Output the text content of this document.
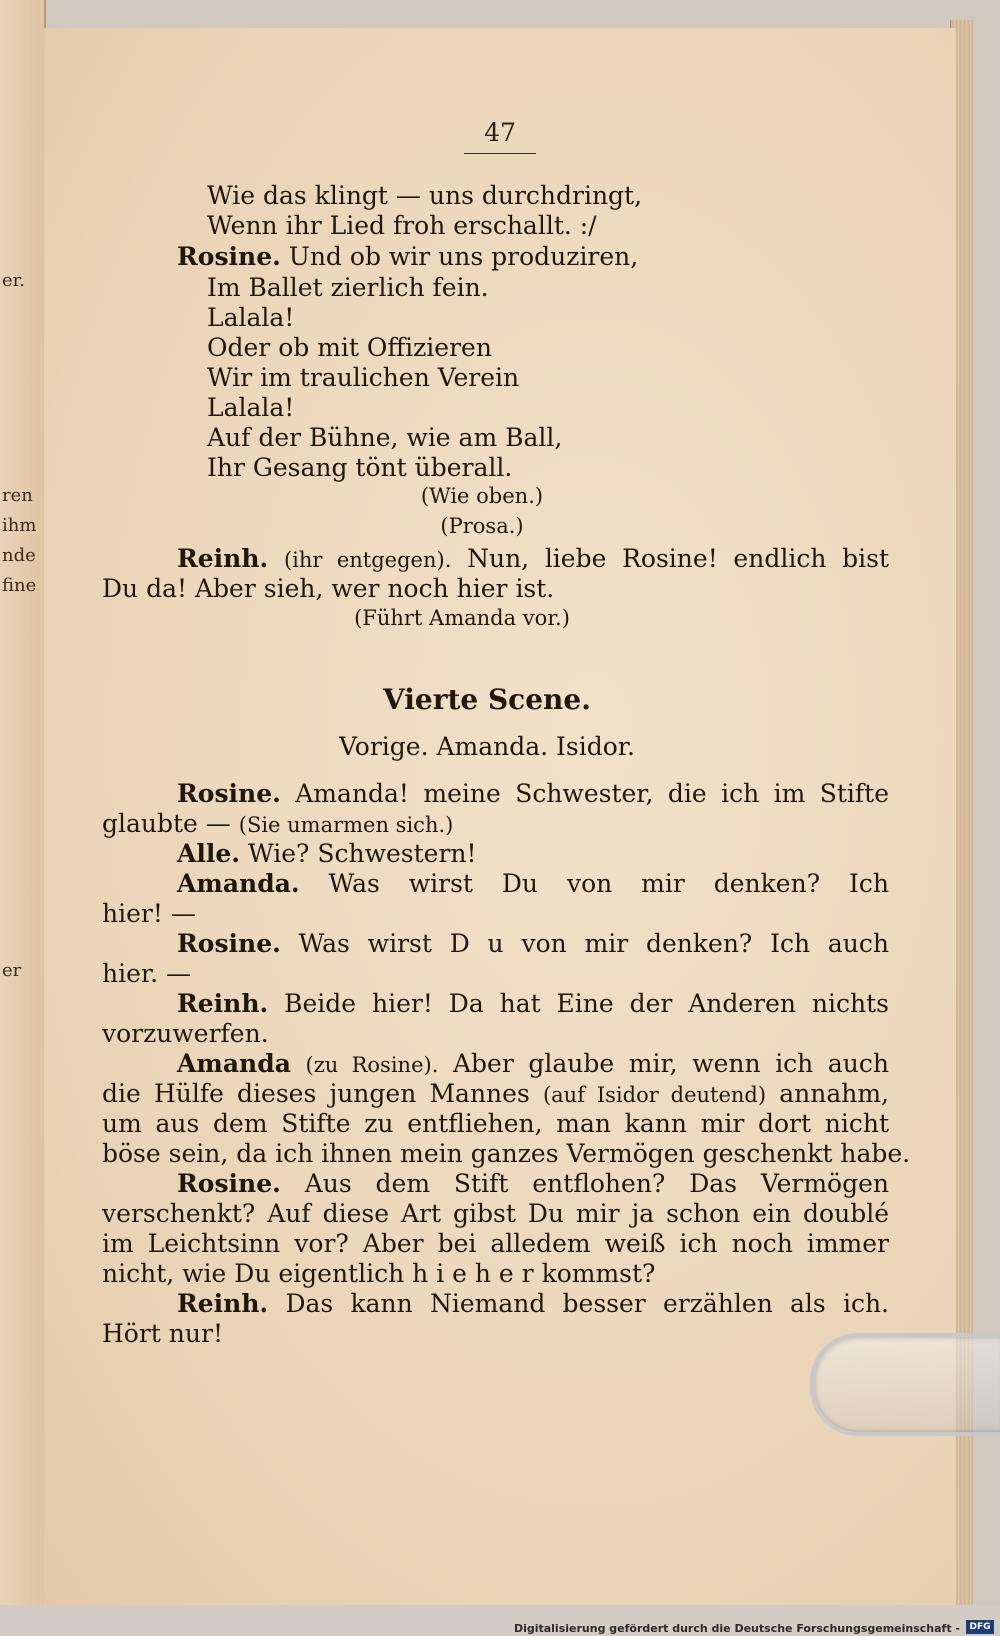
er.
ren
ihm
nde
fine
er
47
Wie das klingt — uns durchdringt,
Wenn ihr Lied froh erschallt. :/
Rosine. Und ob wir uns produziren,
Im Ballet zierlich fein.
Lalala!
Oder ob mit Offizieren
Wir im traulichen Verein
Lalala!
Auf der Bühne, wie am Ball,
Ihr Gesang tönt überall.
(Wie oben.)
(Prosa.)
Reinh. (ihr entgegen). Nun, liebe Rosine! endlich bist
Du da! Aber sieh, wer noch hier ist.
(Führt Amanda vor.)
Vierte Scene.
Vorige. Amanda. Isidor.
Rosine. Amanda! meine Schwester, die ich im Stifte
glaubte — (Sie umarmen sich.)
Alle. Wie? Schwestern!
Amanda. Was wirst Du von mir denken? Ich
hier! —
Rosine. Was wirst D u von mir denken? Ich auch
hier. —
Reinh. Beide hier! Da hat Eine der Anderen nichts
vorzuwerfen.
Amanda (zu Rosine). Aber glaube mir, wenn ich auch
die Hülfe dieses jungen Mannes (auf Isidor deutend) annahm,
um aus dem Stifte zu entfliehen, man kann mir dort nicht
böse sein, da ich ihnen mein ganzes Vermögen geschenkt habe.
Rosine. Aus dem Stift entflohen? Das Vermögen
verschenkt? Auf diese Art gibst Du mir ja schon ein doublé
im Leichtsinn vor? Aber bei alledem weiß ich noch immer
nicht, wie Du eigentlich h i e h e r kommst?
Reinh. Das kann Niemand besser erzählen als ich.
Hört nur!
Digitalisierung gefördert durch die Deutsche Forschungsgemeinschaft -	DFG
